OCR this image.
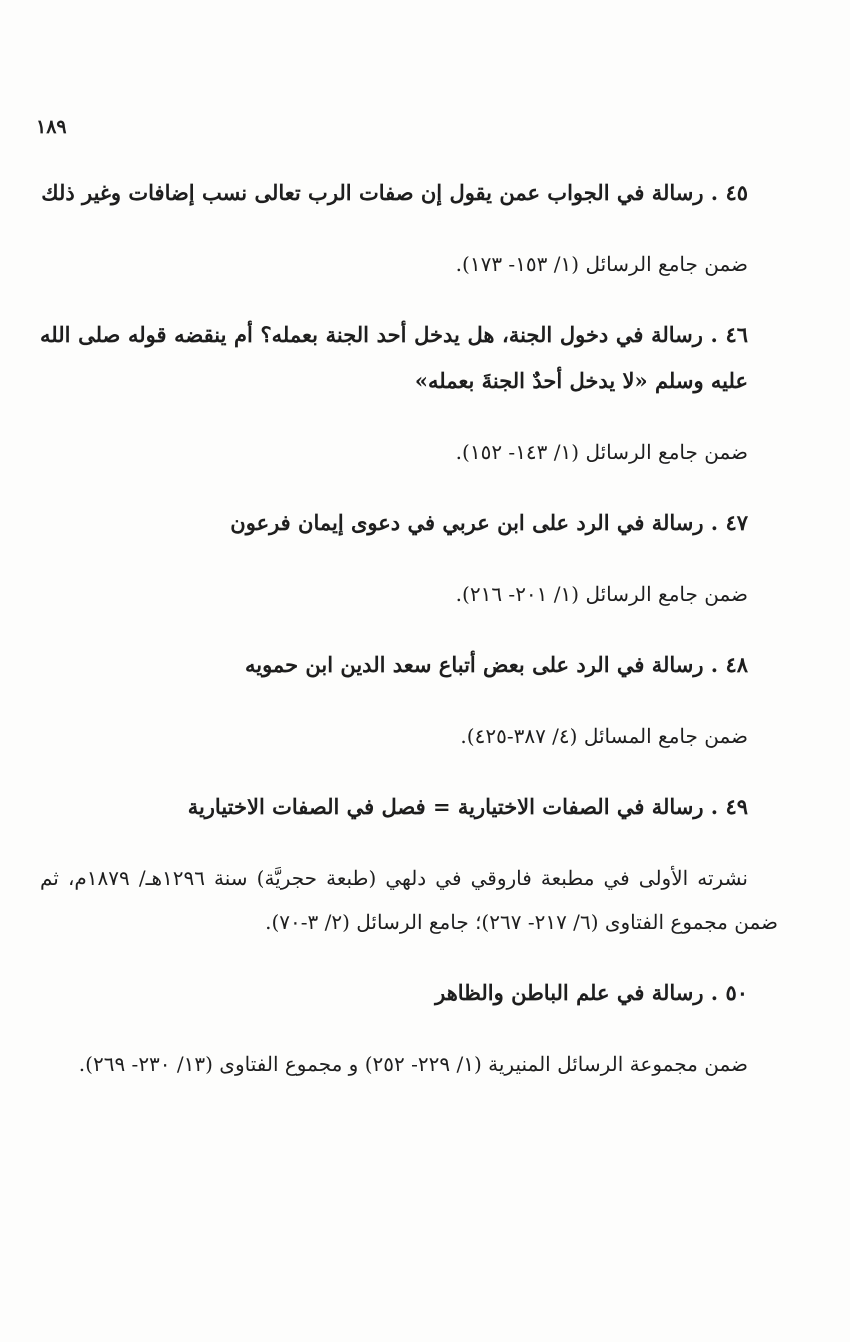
١٨٩

٤٥ . رسالة في الجواب عمن يقول إن صفات الرب تعالى نسب إضافات وغير ذلك

ضمن جامع الرسائل (١/ ١٥٣- ١٧٣).

٤٦ . رسالة في دخول الجنة، هل يدخل أحد الجنة بعمله؟ أم ينقضه قوله صلى الله عليه وسلم «لا يدخل أحدٌ الجنةَ بعمله»

ضمن جامع الرسائل (١/ ١٤٣- ١٥٢).

٤٧ . رسالة في الرد على ابن عربي في دعوى إيمان فرعون

ضمن جامع الرسائل (١/ ٢٠١- ٢١٦).

٤٨ . رسالة في الرد على بعض أتباع سعد الدين ابن حمويه

ضمن جامع المسائل (٤/ ٣٨٧-٤٢٥).

٤٩ . رسالة في الصفات الاختيارية = فصل في الصفات الاختيارية

نشرته الأولى في مطبعة فاروقي في دلهي (طبعة حجريَّة) سنة ١٢٩٦هـ/ ١٨٧٩م، ثم ضمن مجموع الفتاوى (٦/ ٢١٧- ٢٦٧)؛ جامع الرسائل (٢/ ٣-٧٠).

٥٠ . رسالة في علم الباطن والظاهر

ضمن مجموعة الرسائل المنيرية (١/ ٢٢٩- ٢٥٢) و مجموع الفتاوى (١٣/ ٢٣٠- ٢٦٩).
